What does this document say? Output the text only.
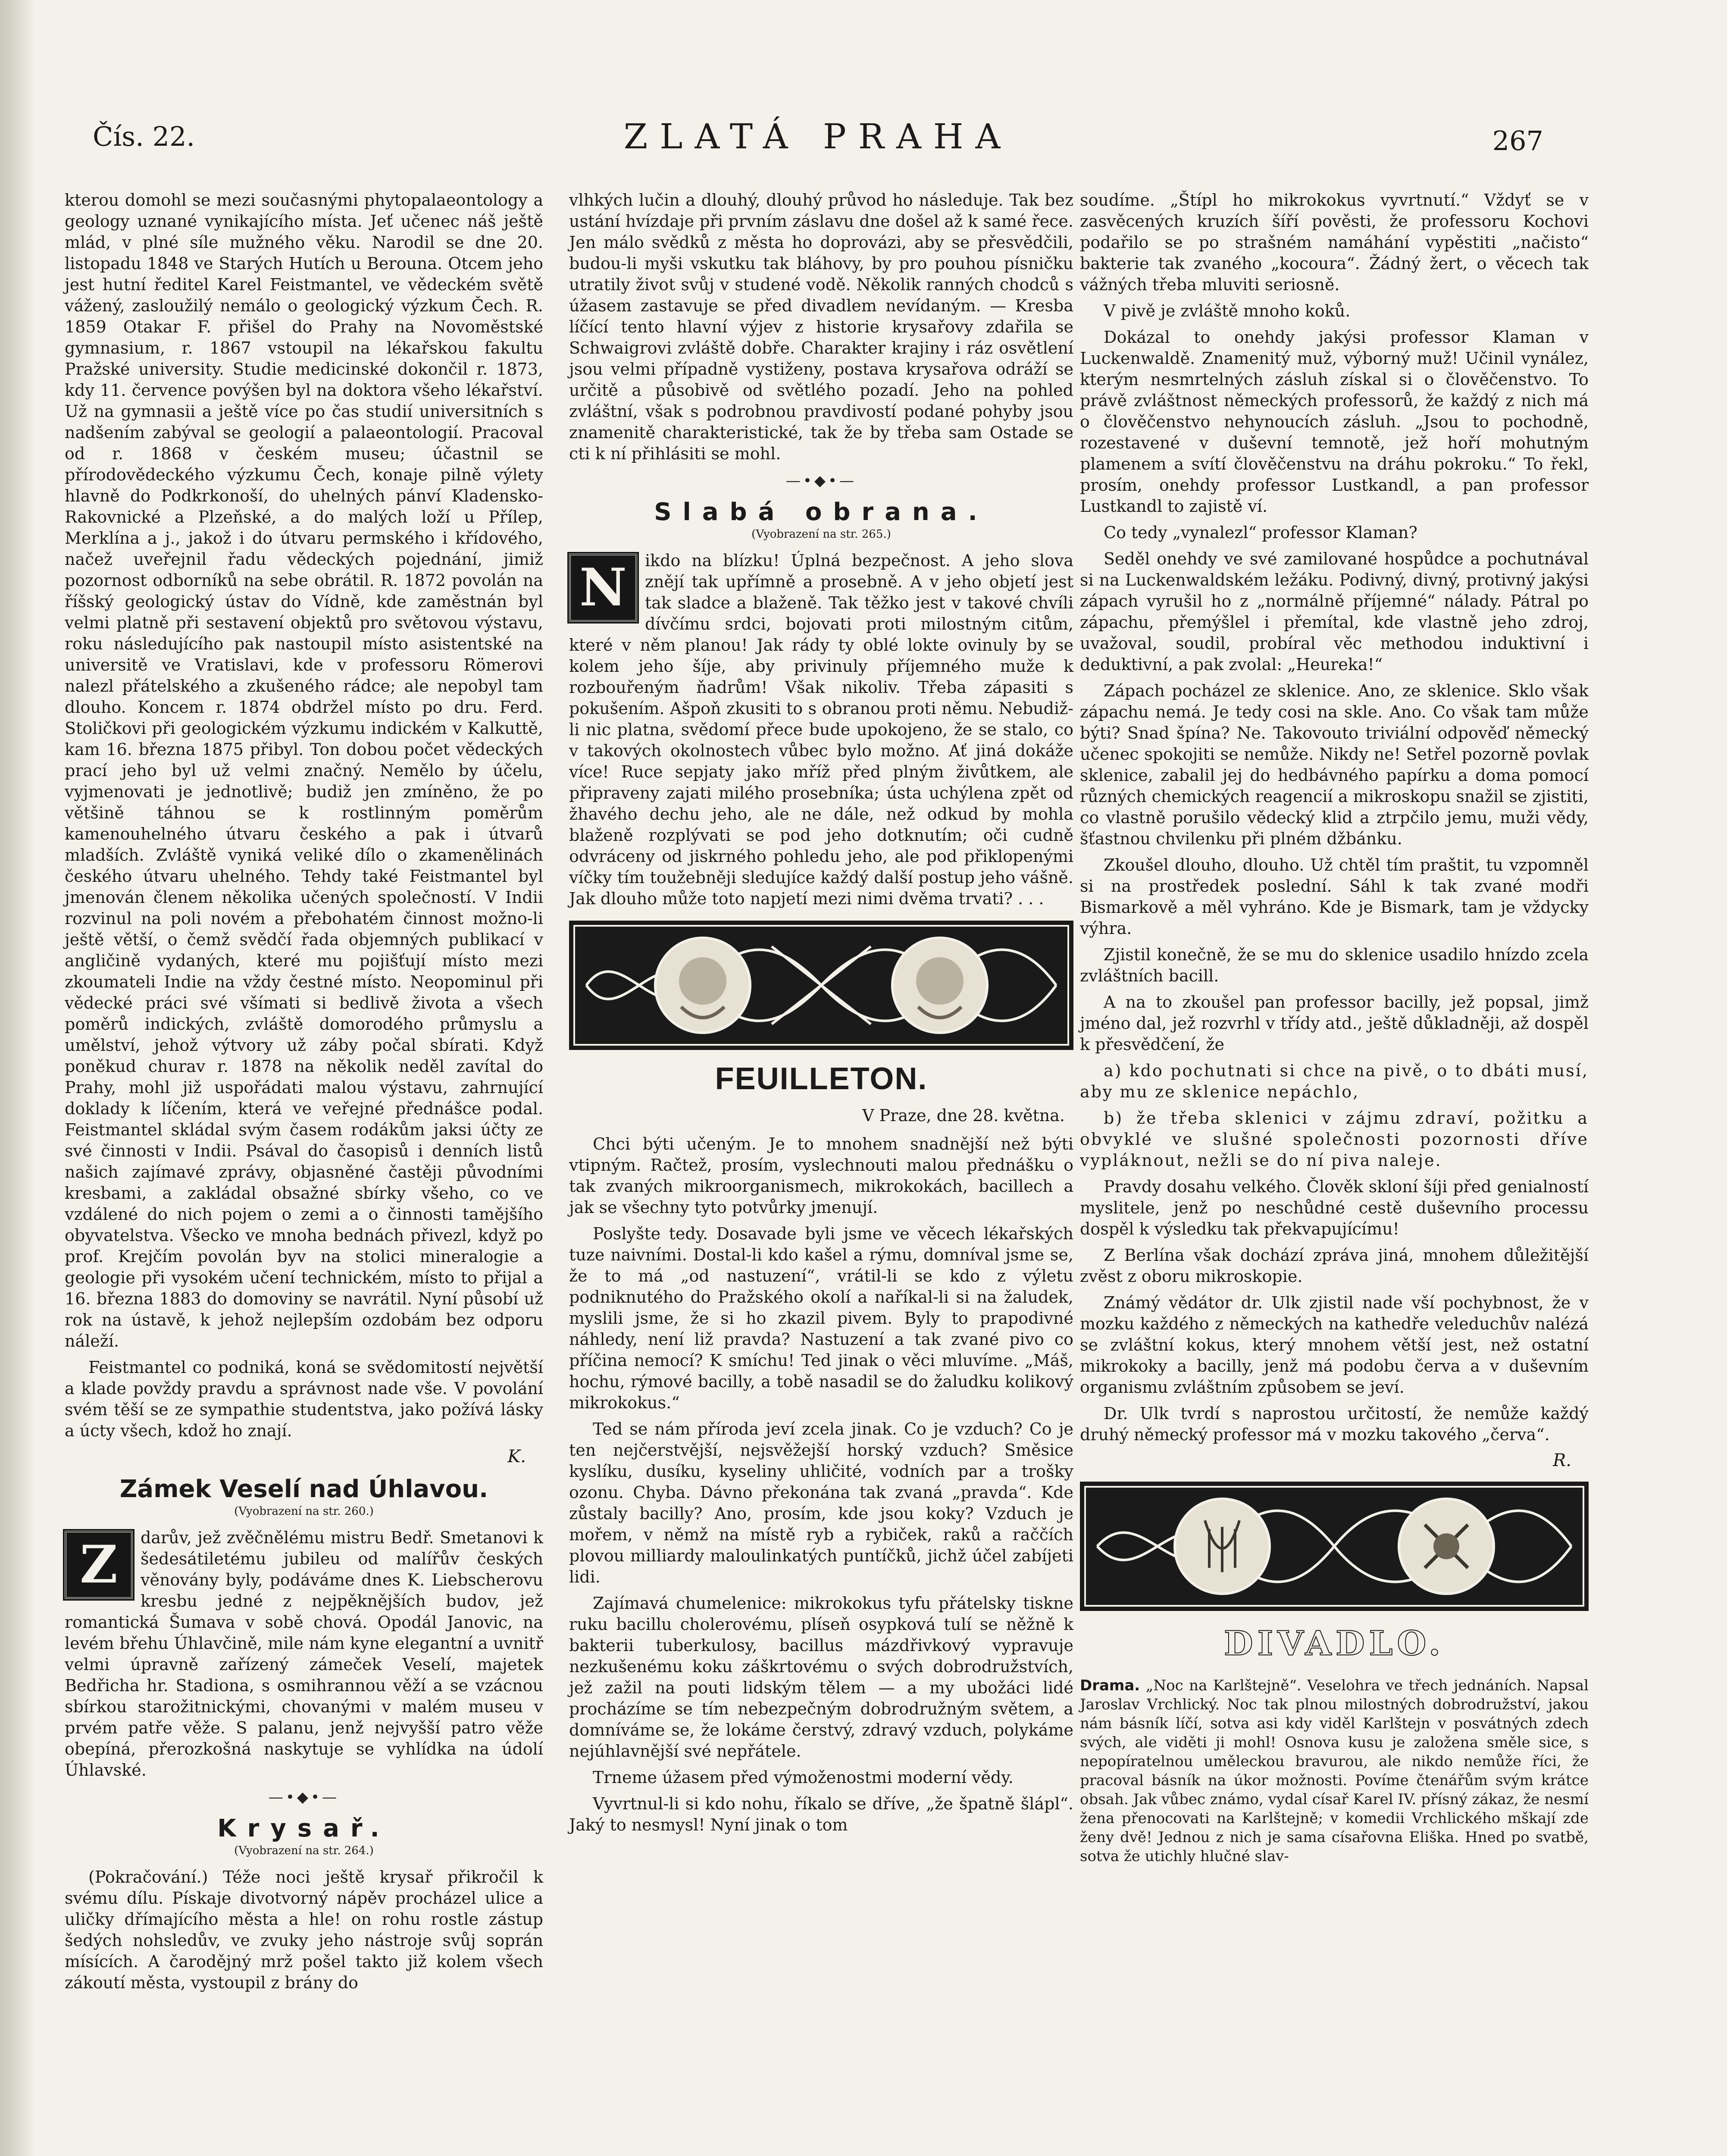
Čís. 22.	ZLATÁ PRAHA	267

kterou domohl se mezi současnými phytopalaeontology a geology uznané vynikajícího místa. Jeť učenec náš ještě mlád, v plné síle mužného věku. Narodil se dne 20. listopadu 1848 ve Starých Hutích u Berouna. Otcem jeho jest hutní ředitel Karel Feistmantel, ve vědeckém světě vážený, zasloužilý nemálo o geologický výzkum Čech. R. 1859 Otakar F. přišel do Prahy na Novoměstské gymnasium, r. 1867 vstoupil na lékařskou fakultu Pražské university. Studie medicinské dokončil r. 1873, kdy 11. července povýšen byl na doktora všeho lékařství. Už na gymnasii a ještě více po čas studií universitních s nadšením zabýval se geologií a palaeontologií. Pracoval od r. 1868 v českém museu; účastnil se přírodovědeckého výzkumu Čech, konaje pilně výlety hlavně do Podkrkonoší, do uhelných pánví Kladensko-Rakovnické a Plzeňské, a do malých loží u Přílep, Merklína a j., jakož i do útvaru permského i křídového, načež uveřejnil řadu vědeckých pojednání, jimiž pozornost odborníků na sebe obrátil. R. 1872 povolán na říšský geologický ústav do Vídně, kde zaměstnán byl velmi platně při sestavení objektů pro světovou výstavu, roku následujícího pak nastoupil místo asistentské na universitě ve Vratislavi, kde v professoru Römerovi nalezl přátelského a zkušeného rádce; ale nepobyl tam dlouho. Koncem r. 1874 obdržel místo po dru. Ferd. Stoličkovi při geologickém výzkumu indickém v Kalkuttě, kam 16. března 1875 přibyl. Ton dobou počet vědeckých prací jeho byl už velmi značný. Nemělo by účelu, vyjmenovati je jednotlivě; budiž jen zmíněno, že po většině táhnou se k rostlinným poměrům kamenouhelného útvaru českého a pak i útvarů mladších. Zvláště vyniká veliké dílo o zkamenělinách českého útvaru uhelného. Tehdy také Feistmantel byl jmenován členem několika učených společností. V Indii rozvinul na poli novém a přebohatém činnost možno-li ještě větší, o čemž svědčí řada objemných publikací v angličině vydaných, které mu pojišťují místo mezi zkoumateli Indie na vždy čestné místo. Neopominul při vědecké práci své všímati si bedlivě života a všech poměrů indických, zvláště domorodého průmyslu a umělství, jehož výtvory už záby počal sbírati. Když poněkud churav r. 1878 na několik neděl zavítal do Prahy, mohl již uspořádati malou výstavu, zahrnující doklady k líčením, která ve veřejné přednášce podal. Feistmantel skládal svým časem rodákům jaksi účty ze své činnosti v Indii. Psával do časopisů i denních listů našich zajímavé zprávy, objasněné častěji původními kresbami, a zakládal obsažné sbírky všeho, co ve vzdálené do nich pojem o zemi a o činnosti tamějšího obyvatelstva. Všecko ve mnoha bednách přivezl, když po prof. Krejčím povolán byv na stolici mineralogie a geologie při vysokém učení technickém, místo to přijal a 16. března 1883 do domoviny se navrátil. Nyní působí už rok na ústavě, k jehož nejlepším ozdobám bez odporu náleží.

Feistmantel co podniká, koná se svědomitostí největší a klade povždy pravdu a správnost nade vše. V povolání svém těší se ze sympathie studentstva, jako požívá lásky a úcty všech, kdož ho znají.

K.
Zámek Veselí nad Úhlavou.
(Vyobrazení na str. 260.)
Z	darův, jež zvěčnělému mistru Bedř. Smetanovi k šedesátiletému jubileu od malířův českých věnovány byly, podáváme dnes K. Liebscherovu kresbu jedné z nejpěknějších budov, jež romantická Šumava v sobě chová. Opodál Janovic, na levém břehu Úhlavčině, mile nám kyne elegantní a uvnitř velmi úpravně zařízený zámeček Veselí, majetek Bedřicha hr. Stadiona, s osmihrannou věží a se vzácnou sbírkou starožitnickými, chovanými v malém museu v prvém patře věže. S palanu, jenž nejvyšší patro věže obepíná, přerozkošná naskytuje se vyhlídka na údolí Úhlavské.

—•◆•—
Krysař.
(Vyobrazení na str. 264.)

(Pokračování.) Téže noci ještě krysař přikročil k svému dílu. Pískaje divotvorný nápěv procházel ulice a uličky dřímajícího města a hle! on rohu rostle zástup šedých nohsledův, ve zvuky jeho nástroje svůj soprán mísících. A čarodějný mrž pošel takto již kolem všech zákoutí města, vystoupil z brány do

vlhkých lučin a dlouhý, dlouhý průvod ho následuje. Tak bez ustání hvízdaje při prvním záslavu dne došel až k samé řece. Jen málo svědků z města ho doprovázi, aby se přesvědčili, budou-li myši vskutku tak bláhovy, by pro pouhou písničku utratily život svůj v studené vodě. Několik ranných chodců s úžasem zastavuje se před divadlem nevídaným. — Kresba líčící tento hlavní výjev z historie krysařovy zdařila se Schwaigrovi zvláště dobře. Charakter krajiny i ráz osvětlení jsou velmi případně vystiženy, postava krysařova odráží se určitě a působivě od světlého pozadí. Jeho na pohled zvláštní, však s podrobnou pravdivostí podané pohyby jsou znamenitě charakteristické, tak že by třeba sam Ostade se cti k ní přihlásiti se mohl.

—•◆•—
Slabá obrana.
(Vyobrazení na str. 265.)
N	ikdo na blízku! Úplná bezpečnost. A jeho slova znějí tak upřímně a prosebně. A v jeho objetí jest tak sladce a blaženě. Tak těžko jest v takové chvíli dívčímu srdci, bojovati proti milostným citům, které v něm planou! Jak rády ty oblé lokte ovinuly by se kolem jeho šíje, aby privinuly příjemného muže k rozbouřeným ňadrům! Však nikoliv. Třeba zápasiti s pokušením. Ašpoň zkusiti to s obranou proti němu. Nebudiž-li nic platna, svědomí přece bude upokojeno, že se stalo, co v takových okolnostech vůbec bylo možno. Ať jiná dokáže více! Ruce sepjaty jako mříž před plným živůtkem, ale připraveny zajati milého prosebníka; ústa uchýlena zpět od žhavého dechu jeho, ale ne dále, než odkud by mohla blaženě rozplývati se pod jeho dotknutím; oči cudně odvráceny od jiskrného pohledu jeho, ale pod přiklopenými víčky tím toužebněji sledujíce každý další postup jeho vášně. Jak dlouho může toto napjetí mezi nimi dvěma trvati? . . .

FEUILLETON.
V Praze, dne 28. května.

Chci býti učeným. Je to mnohem snadnější než býti vtipným. Račtež, prosím, vyslechnouti malou přednášku o tak zvaných mikroorganismech, mikrokokách, bacillech a jak se všechny tyto potvůrky jmenují.

Poslyšte tedy. Dosavade byli jsme ve věcech lékařských tuze naivními. Dostal-li kdo kašel a rýmu, domníval jsme se, že to má „od nastuzení“, vrátil-li se kdo z výletu podniknutého do Pražského okolí a naříkal-li si na žaludek, myslili jsme, že si ho zkazil pivem. Byly to prapodivné náhledy, není liž pravda? Nastuzení a tak zvané pivo co příčina nemocí? K smíchu! Ted jinak o věci mluvíme. „Máš, hochu, rýmové bacilly, a tobě nasadil se do žaludku kolikový mikrokokus.“

Ted se nám příroda jeví zcela jinak. Co je vzduch? Co je ten nejčerstvější, nejsvěžejší horský vzduch? Směsice kyslíku, dusíku, kyseliny uhličité, vodních par a trošky ozonu. Chyba. Dávno překonána tak zvaná „pravda“. Kde zůstaly bacilly? Ano, prosím, kde jsou koky? Vzduch je mořem, v němž na místě ryb a rybiček, raků a raččích plovou milliardy maloulinkatých puntíčků, jichž účel zabíjeti lidi.

Zajímavá chumelenice: mikrokokus tyfu přátelsky tiskne ruku bacillu cholerovému, plíseň osypková tulí se něžně k bakterii tuberkulosy, bacillus mázdřivkový vypravuje nezkušenému koku záškrtovému o svých dobrodružstvích, jež zažil na pouti lidským tělem — a my ubožáci lidé procházíme se tím nebezpečným dobrodružným světem, a domníváme se, že lokáme čerstvý, zdravý vzduch, polykáme nejúhlavnější své nepřátele.

Trneme úžasem před výmoženostmi moderní vědy.

Vyvrtnul-li si kdo nohu, říkalo se dříve, „že špatně šlápl“. Jaký to nesmysl! Nyní jinak o tom

soudíme. „Štípl ho mikrokokus vyvrtnutí.“ Vždyť se v zasvěcených kruzích šíří pověsti, že professoru Kochovi podařilo se po strašném namáhání vypěstiti „načisto“ bakterie tak zvaného „kocoura“. Žádný žert, o věcech tak vážných třeba mluviti seriosně.

V pivě je zvláště mnoho koků.

Dokázal to onehdy jakýsi professor Klaman v Luckenwaldě. Znamenitý muž, výborný muž! Učinil vynález, kterým nesmrtelných zásluh získal si o člověčenstvo. To právě zvláštnost německých professorů, že každý z nich má o člověčenstvo nehynoucích zásluh. „Jsou to pochodně, rozestavené v duševní temnotě, jež hoří mohutným plamenem a svítí člověčenstvu na dráhu pokroku.“ To řekl, prosím, onehdy professor Lustkandl, a pan professor Lustkandl to zajistě ví.

Co tedy „vynalezl“ professor Klaman?

Seděl onehdy ve své zamilované hospůdce a pochutnával si na Luckenwaldském ležáku. Podivný, divný, protivný jakýsi zápach vyrušil ho z „normálně příjemné“ nálady. Pátral po zápachu, přemýšlel i přemítal, kde vlastně jeho zdroj, uvažoval, soudil, probíral věc methodou induktivní i deduktivní, a pak zvolal: „Heureka!“

Zápach pocházel ze sklenice. Ano, ze sklenice. Sklo však zápachu nemá. Je tedy cosi na skle. Ano. Co však tam může býti? Snad špína? Ne. Takovouto triviální odpověď německý učenec spokojiti se nemůže. Nikdy ne! Setřel pozorně povlak sklenice, zabalil jej do hedbávného papírku a doma pomocí různých chemických reagencií a mikroskopu snažil se zjistiti, co vlastně porušilo vědecký klid a ztrpčilo jemu, muži vědy, šťastnou chvilenku při plném džbánku.

Zkoušel dlouho, dlouho. Už chtěl tím praštit, tu vzpomněl si na prostředek poslední. Sáhl k tak zvané modři Bismarkově a měl vyhráno. Kde je Bismark, tam je vždycky výhra.

Zjistil konečně, že se mu do sklenice usadilo hnízdo zcela zvláštních bacill.

A na to zkoušel pan professor bacilly, jež popsal, jimž jméno dal, jež rozvrhl v třídy atd., ještě důkladněji, až dospěl k přesvědčení, že

a) kdo pochutnati si chce na pivě, o to dbáti musí, aby mu ze sklenice nepáchlo,

b) že třeba sklenici v zájmu zdraví, požitku a obvyklé ve slušné společnosti pozornosti dříve vypláknout, nežli se do ní piva naleje.

Pravdy dosahu velkého. Člověk skloní šíji před genialností myslitele, jenž po neschůdné cestě duševního processu dospěl k výsledku tak překvapujícímu!

Z Berlína však dochází zpráva jiná, mnohem důležitější zvěst z oboru mikroskopie.

Známý vědátor dr. Ulk zjistil nade vší pochybnost, že v mozku každého z německých na kathedře veleduchův nalézá se zvláštní kokus, který mnohem větší jest, než ostatní mikrokoky a bacilly, jenž má podobu červa a v duševním organismu zvláštním způsobem se jeví.

Dr. Ulk tvrdí s naprostou určitostí, že nemůže každý druhý německý professor má v mozku takového „červa“.

R.
DIVADLO.

Drama. „Noc na Karlštejně“. Veselohra ve třech jednáních. Napsal Jaroslav Vrchlický. Noc tak plnou milostných dobrodružství, jakou nám básník líčí, sotva asi kdy viděl Karlštejn v posvátných zdech svých, ale viděti ji mohl! Osnova kusu je založena směle sice, s nepopíratelnou uměleckou bravurou, ale nikdo nemůže říci, že pracoval básník na úkor možnosti. Povíme čtenářům svým krátce obsah. Jak vůbec známo, vydal císař Karel IV. přísný zákaz, že nesmí žena přenocovati na Karlštejně; v komedii Vrchlického mškají zde ženy dvě! Jednou z nich je sama císařovna Eliška. Hned po svatbě, sotva že utichly hlučné slav-
